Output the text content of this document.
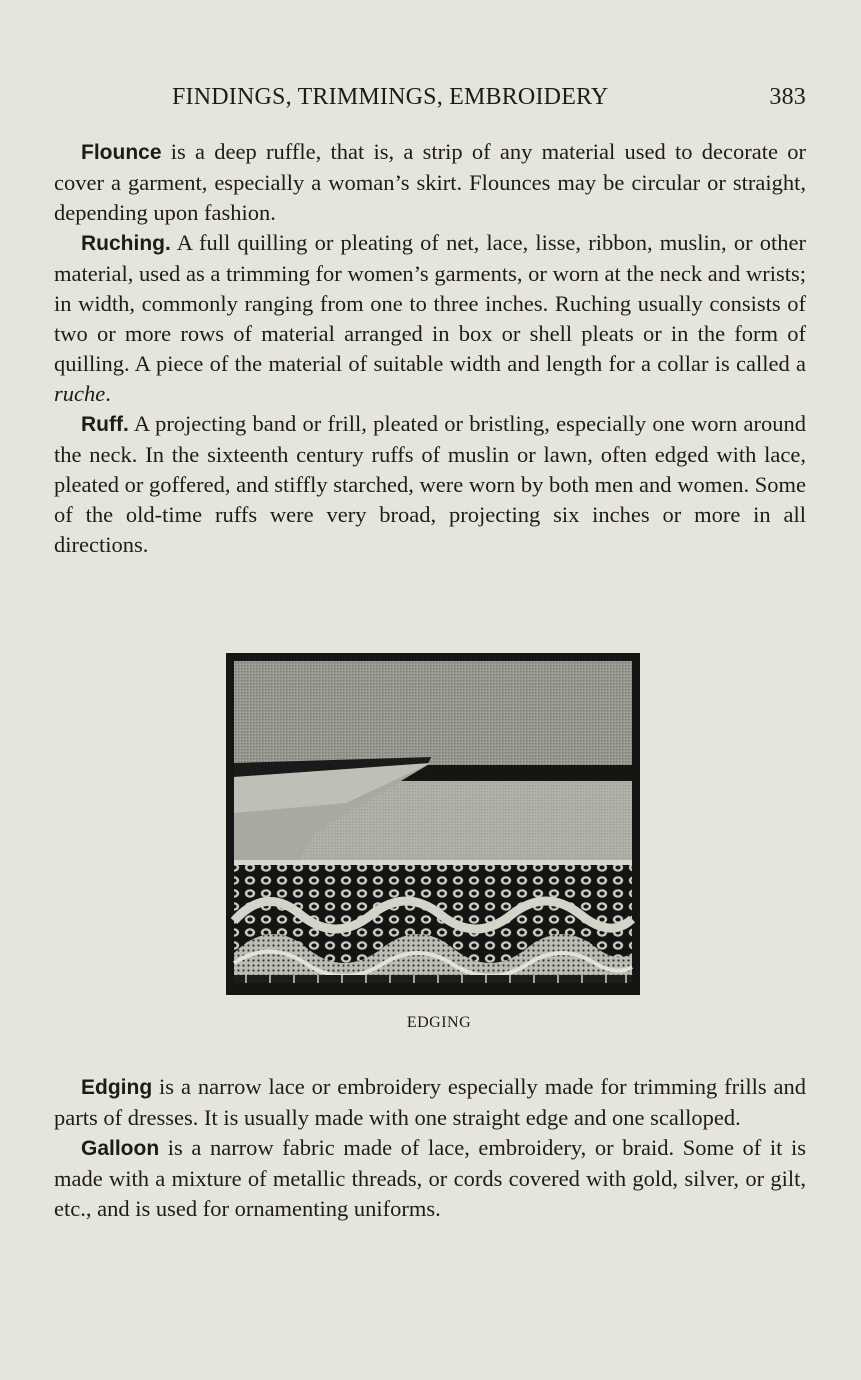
FINDINGS, TRIMMINGS, EMBROIDERY	383

Flounce is a deep ruffle, that is, a strip of any material used to decorate or cover a garment, especially a woman’s skirt. Flounces may be circular or straight, depending upon fashion.

Ruching. A full quilling or pleating of net, lace, lisse, ribbon, muslin, or other material, used as a trimming for women’s garments, or worn at the neck and wrists; in width, commonly ranging from one to three inches. Ruching usually consists of two or more rows of material arranged in box or shell pleats or in the form of quilling. A piece of the material of suitable width and length for a collar is called a ruche.

Ruff. A projecting band or frill, pleated or bristling, especially one worn around the neck. In the sixteenth century ruffs of muslin or lawn, often edged with lace, pleated or goffered, and stiffly starched, were worn by both men and women. Some of the old-time ruffs were very broad, projecting six inches or more in all directions.

EDGING

Edging is a narrow lace or embroidery especially made for trimming frills and parts of dresses. It is usually made with one straight edge and one scalloped.

Galloon is a narrow fabric made of lace, embroidery, or braid. Some of it is made with a mixture of metallic threads, or cords covered with gold, silver, or gilt, etc., and is used for ornamenting uniforms.
